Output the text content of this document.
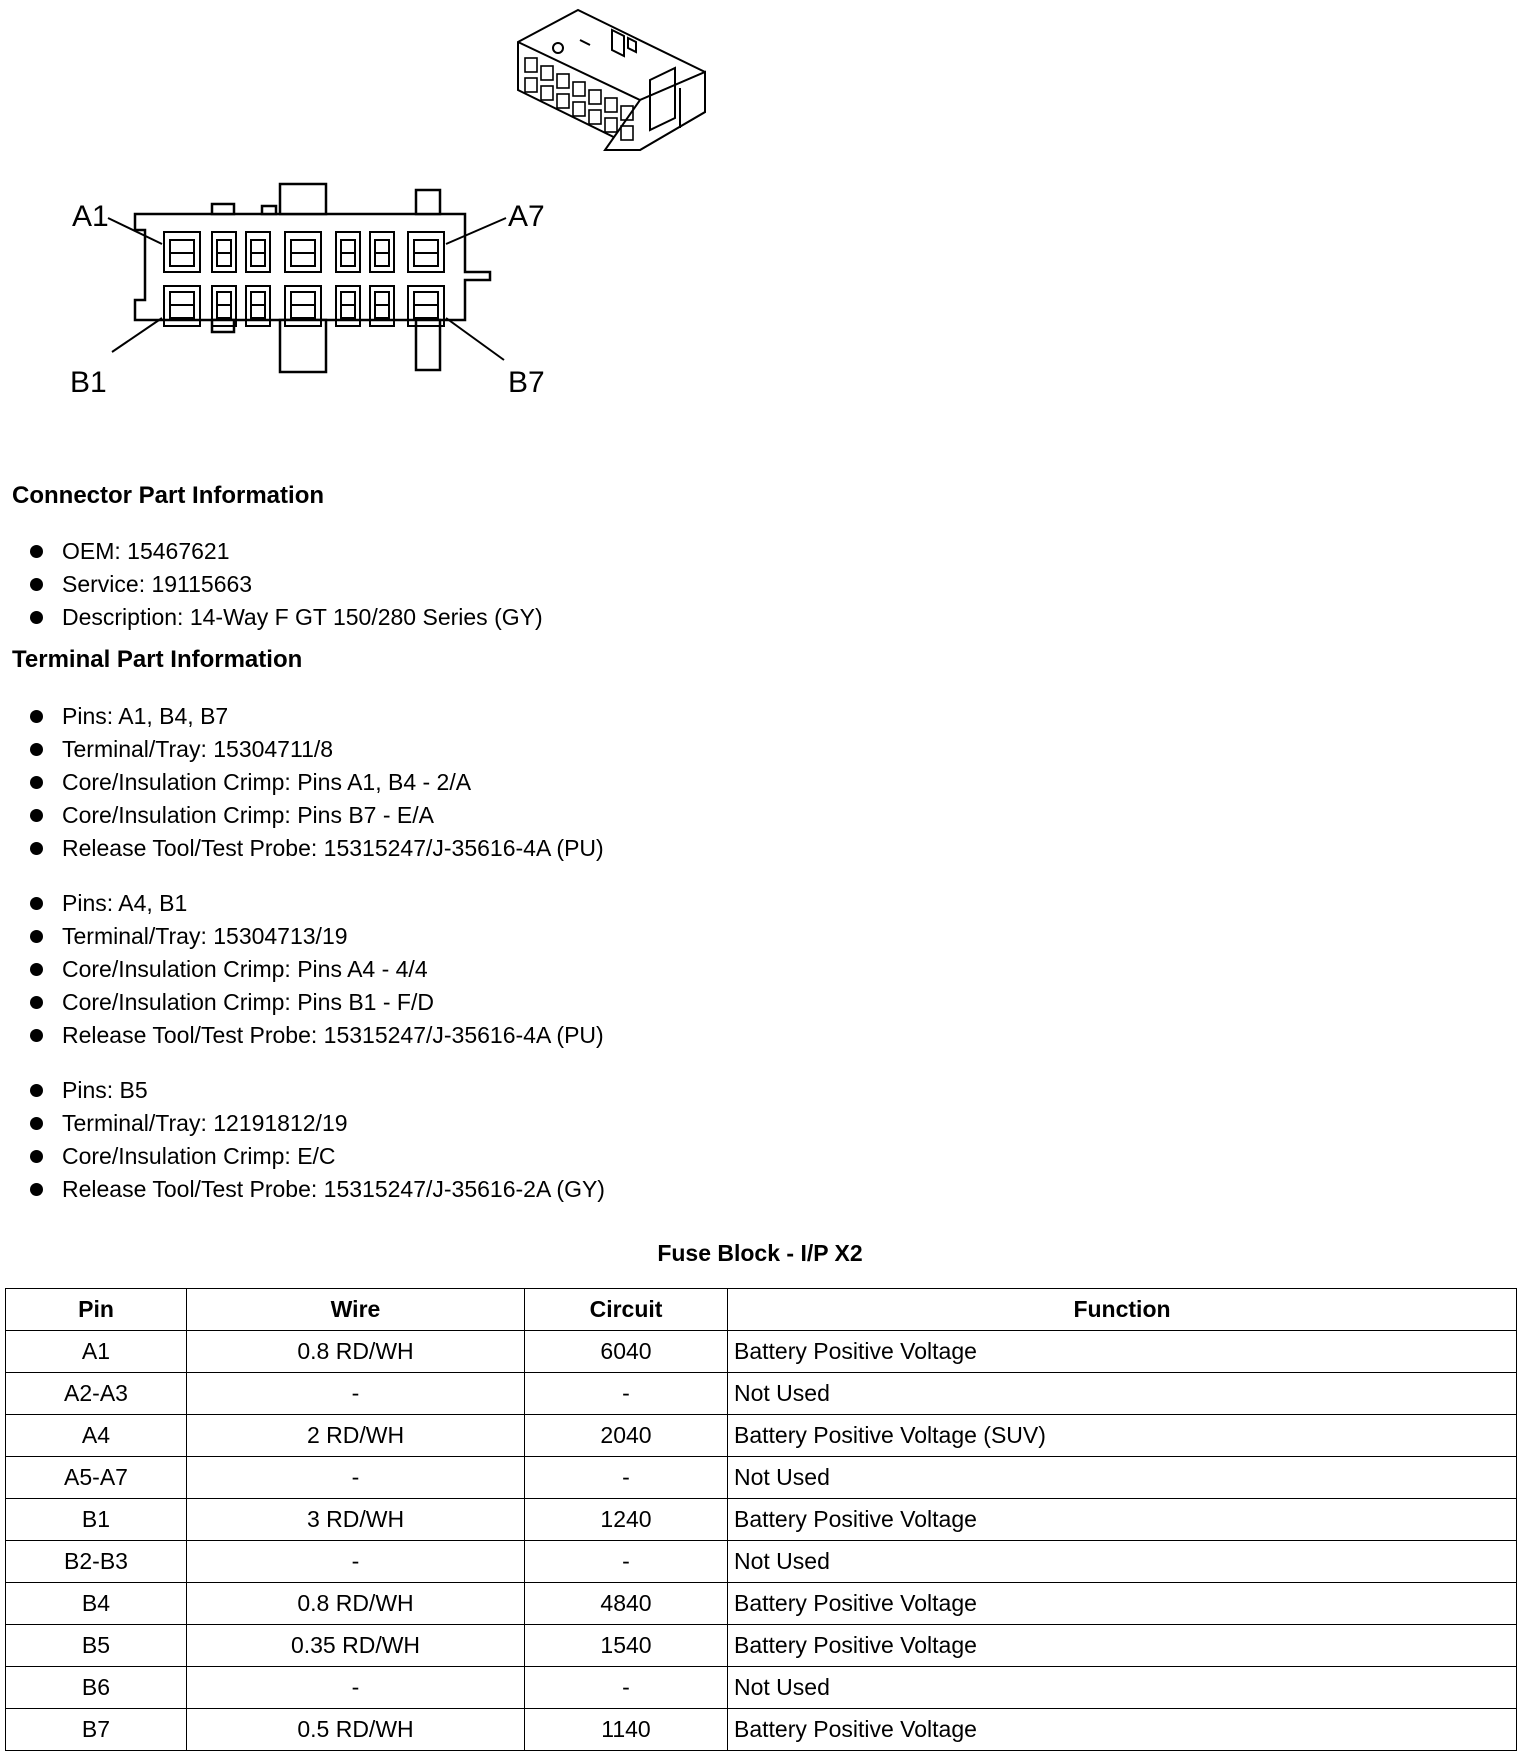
A1	A7
B1	B7
Connector Part Information
OEM: 15467621
Service: 19115663
Description: 14-Way F GT 150/280 Series (GY)
Terminal Part Information
Pins: A1, B4, B7
Terminal/Tray: 15304711/8
Core/Insulation Crimp: Pins A1, B4 - 2/A
Core/Insulation Crimp: Pins B7 - E/A
Release Tool/Test Probe: 15315247/J-35616-4A (PU)
Pins: A4, B1
Terminal/Tray: 15304713/19
Core/Insulation Crimp: Pins A4 - 4/4
Core/Insulation Crimp: Pins B1 - F/D
Release Tool/Test Probe: 15315247/J-35616-4A (PU)
Pins: B5
Terminal/Tray: 12191812/19
Core/Insulation Crimp: E/C
Release Tool/Test Probe: 15315247/J-35616-2A (GY)
Fuse Block - I/P X2
Pin	Wire	Circuit	Function
A1	0.8 RD/WH	6040	Battery Positive Voltage
A2-A3	-	-	Not Used
A4	2 RD/WH	2040	Battery Positive Voltage (SUV)
A5-A7	-	-	Not Used
B1	3 RD/WH	1240	Battery Positive Voltage
B2-B3	-	-	Not Used
B4	0.8 RD/WH	4840	Battery Positive Voltage
B5	0.35 RD/WH	1540	Battery Positive Voltage
B6	-	-	Not Used
B7	0.5 RD/WH	1140	Battery Positive Voltage
